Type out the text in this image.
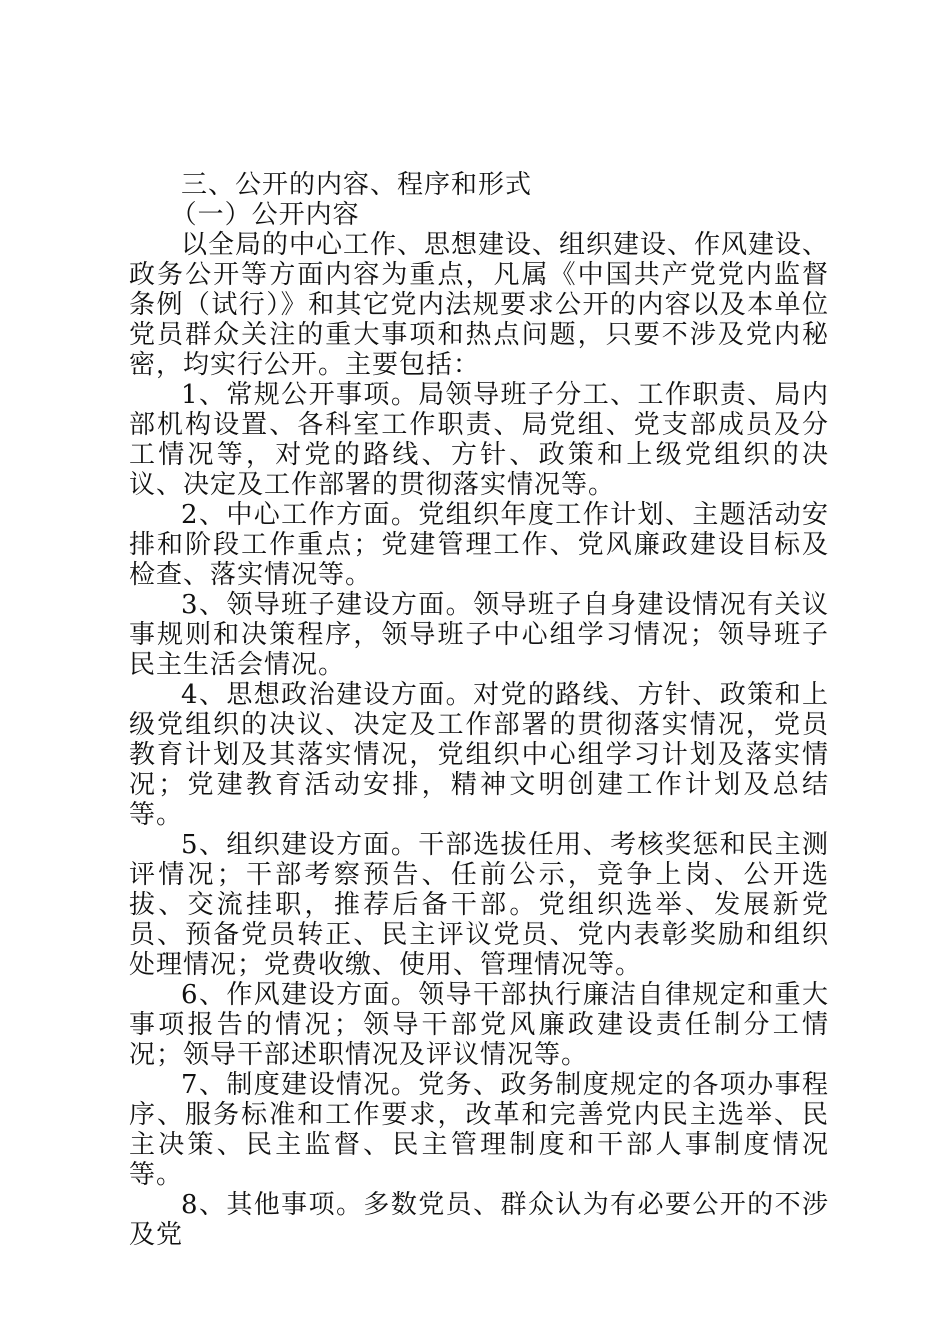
三、公开的内容、程序和形式

（一）公开内容

以全局的中心工作、思想建设、组织建设、作风建设、政务公开等方面内容为重点，凡属《中国共产党党内监督条例（试行）》和其它党内法规要求公开的内容以及本单位党员群众关注的重大事项和热点问题，只要不涉及党内秘密，均实行公开。主要包括：

1、常规公开事项。局领导班子分工、工作职责、局内部机构设置、各科室工作职责、局党组、党支部成员及分工情况等，对党的路线、方针、政策和上级党组织的决议、决定及工作部署的贯彻落实情况等。

2、中心工作方面。党组织年度工作计划、主题活动安排和阶段工作重点；党建管理工作、党风廉政建设目标及检查、落实情况等。

3、领导班子建设方面。领导班子自身建设情况有关议事规则和决策程序，领导班子中心组学习情况；领导班子民主生活会情况。

4、思想政治建设方面。对党的路线、方针、政策和上级党组织的决议、决定及工作部署的贯彻落实情况，党员教育计划及其落实情况，党组织中心组学习计划及落实情况；党建教育活动安排，精神文明创建工作计划及总结等。

5、组织建设方面。干部选拔任用、考核奖惩和民主测评情况；干部考察预告、任前公示，竞争上岗、公开选拔、交流挂职，推荐后备干部。党组织选举、发展新党员、预备党员转正、民主评议党员、党内表彰奖励和组织处理情况；党费收缴、使用、管理情况等。

6、作风建设方面。领导干部执行廉洁自律规定和重大事项报告的情况；领导干部党风廉政建设责任制分工情况；领导干部述职情况及评议情况等。

7、制度建设情况。党务、政务制度规定的各项办事程序、服务标准和工作要求，改革和完善党内民主选举、民主决策、民主监督、民主管理制度和干部人事制度情况等。

8、其他事项。多数党员、群众认为有必要公开的不涉及党
